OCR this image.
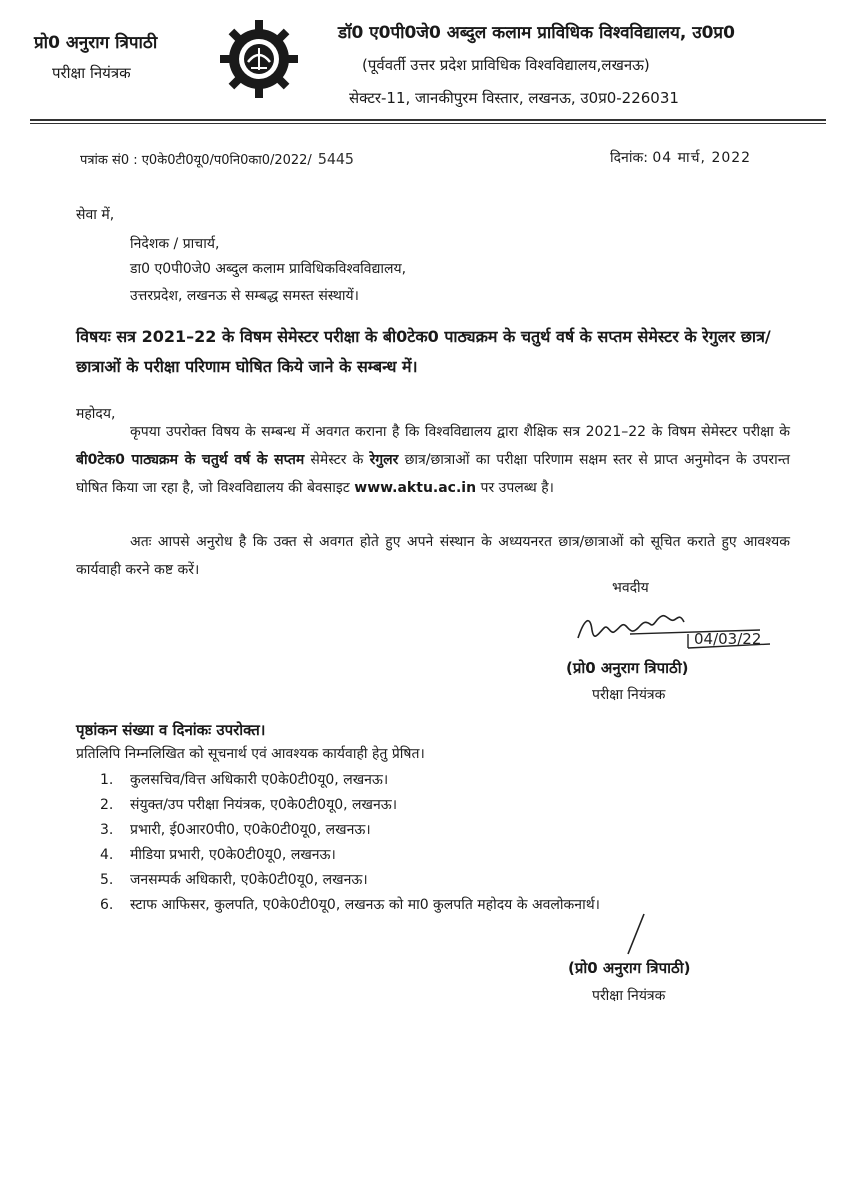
प्रो0 अनुराग त्रिपाठी
परीक्षा नियंत्रक
डॉ0 ए0पी0जे0 अब्दुल कलाम प्राविधिक विश्वविद्यालय, उ0प्र0
(पूर्ववर्ती उत्तर प्रदेश प्राविधिक विश्वविद्यालय,लखनऊ)
सेक्टर-11, जानकीपुरम विस्तार, लखनऊ, उ0प्र0-226031
पत्रांक सं0 : ए0के0टी0यू0/प0नि0का0/2022/ 5445	दिनांक: 04 मार्च, 2022
सेवा में,
निदेशक / प्राचार्य,
डा0 ए0पी0जे0 अब्दुल कलाम प्राविधिकविश्वविद्यालय,
उत्तरप्रदेश, लखनऊ से सम्बद्ध समस्त संस्थायें।
विषयः सत्र 2021–22 के विषम सेमेस्टर परीक्षा के बी0टेक0 पाठ्यक्रम के चतुर्थ वर्ष के सप्तम सेमेस्टर के रेगुलर छात्र/छात्राओं के परीक्षा परिणाम घोषित किये जाने के सम्बन्ध में।
महोदय,
कृपया उपरोक्त विषय के सम्बन्ध में अवगत कराना है कि विश्वविद्यालय द्वारा शैक्षिक सत्र 2021–22 के विषम सेमेस्टर परीक्षा के बी0टेक0 पाठ्यक्रम के चतुर्थ वर्ष के सप्तम सेमेस्टर के रेगुलर छात्र/छात्राओं का परीक्षा परिणाम सक्षम स्तर से प्राप्त अनुमोदन के उपरान्त घोषित किया जा रहा है, जो विश्वविद्यालय की बेवसाइट www.aktu.ac.in पर उपलब्ध है।
अतः आपसे अनुरोध है कि उक्त से अवगत होते हुए अपने संस्थान के अध्ययनरत छात्र/छात्राओं को सूचित कराते हुए आवश्यक कार्यवाही करने कष्ट करें।
भवदीय
04/03/22
(प्रो0 अनुराग त्रिपाठी)
परीक्षा नियंत्रक
पृष्ठांकन संख्या व दिनांकः उपरोक्त।
प्रतिलिपि निम्नलिखित को सूचनार्थ एवं आवश्यक कार्यवाही हेतु प्रेषित।
1. कुलसचिव/वित्त अधिकारी ए0के0टी0यू0, लखनऊ।
2. संयुक्त/उप परीक्षा नियंत्रक, ए0के0टी0यू0, लखनऊ।
3. प्रभारी, ई0आर0पी0, ए0के0टी0यू0, लखनऊ।
4. मीडिया प्रभारी, ए0के0टी0यू0, लखनऊ।
5. जनसम्पर्क अधिकारी, ए0के0टी0यू0, लखनऊ।
6. स्टाफ आफिसर, कुलपति, ए0के0टी0यू0, लखनऊ को मा0 कुलपति महोदय के अवलोकनार्थ।
(प्रो0 अनुराग त्रिपाठी)
परीक्षा नियंत्रक
